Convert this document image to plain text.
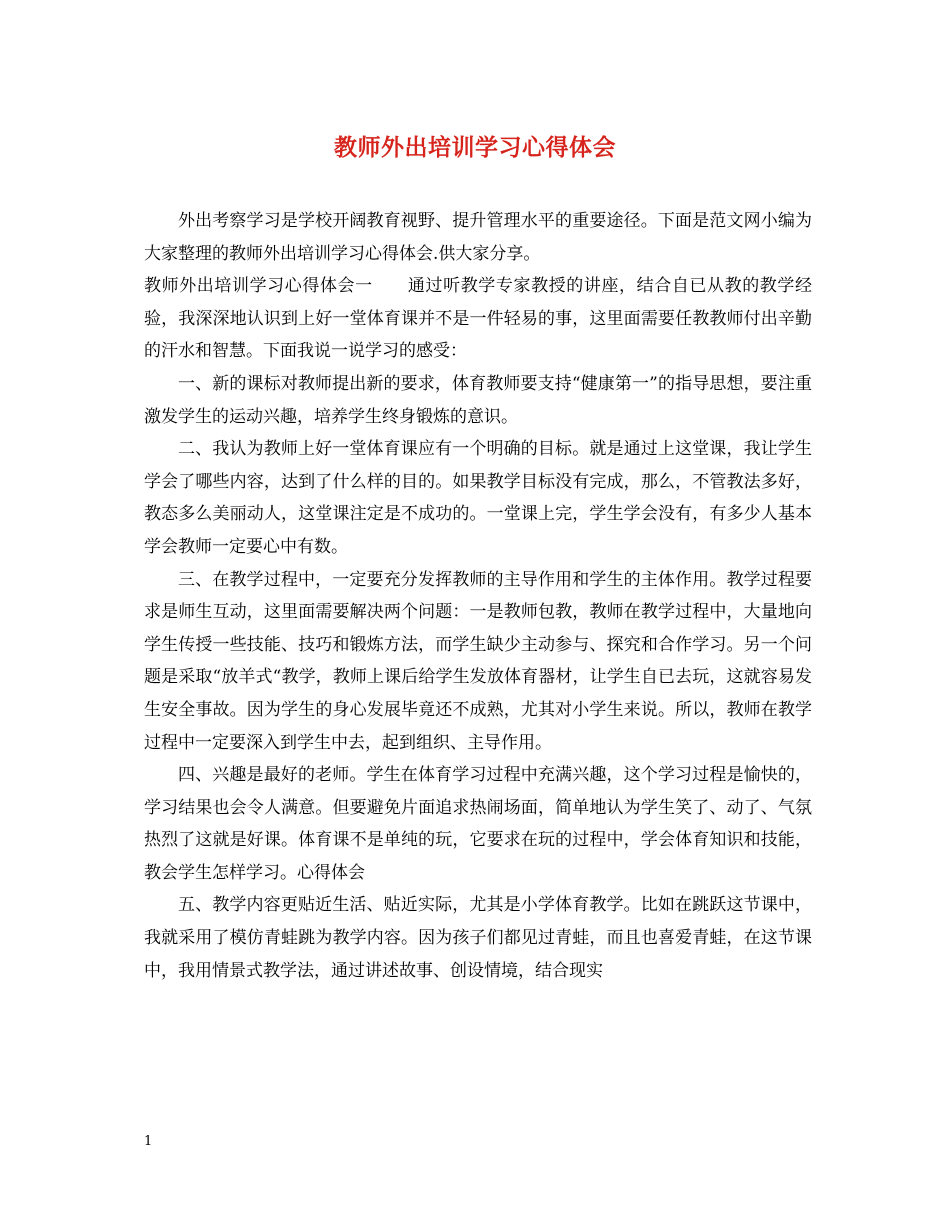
教师外出培训学习心得体会

外出考察学习是学校开阔教育视野、提升管理水平的重要途径。下面是范文网小编为大家整理的教师外出培训学习心得体会.供大家分享。

教师外出培训学习心得体会一　　通过听教学专家教授的讲座，结合自已从教的教学经验，我深深地认识到上好一堂体育课并不是一件轻易的事，这里面需要任教教师付出辛勤的汗水和智慧。下面我说一说学习的感受：

一、新的课标对教师提出新的要求，体育教师要支持“健康第一”的指导思想，要注重激发学生的运动兴趣，培养学生终身锻炼的意识。

二、我认为教师上好一堂体育课应有一个明确的目标。就是通过上这堂课，我让学生学会了哪些内容，达到了什么样的目的。如果教学目标没有完成，那么，不管教法多好，教态多么美丽动人，这堂课注定是不成功的。一堂课上完，学生学会没有，有多少人基本学会教师一定要心中有数。

三、在教学过程中，一定要充分发挥教师的主导作用和学生的主体作用。教学过程要求是师生互动，这里面需要解决两个问题：一是教师包教，教师在教学过程中，大量地向学生传授一些技能、技巧和锻炼方法，而学生缺少主动参与、探究和合作学习。另一个问题是采取“放羊式“教学，教师上课后给学生发放体育器材，让学生自已去玩，这就容易发生安全事故。因为学生的身心发展毕竟还不成熟，尤其对小学生来说。所以，教师在教学过程中一定要深入到学生中去，起到组织、主导作用。

四、兴趣是最好的老师。学生在体育学习过程中充满兴趣，这个学习过程是愉快的，学习结果也会令人满意。但要避免片面追求热闹场面，简单地认为学生笑了、动了、气氛热烈了这就是好课。体育课不是单纯的玩，它要求在玩的过程中，学会体育知识和技能，教会学生怎样学习。心得体会

五、教学内容更贴近生活、贴近实际，尤其是小学体育教学。比如在跳跃这节课中，我就采用了模仿青蛙跳为教学内容。因为孩子们都见过青蛙，而且也喜爱青蛙，在这节课中，我用情景式教学法，通过讲述故事、创设情境，结合现实

1
